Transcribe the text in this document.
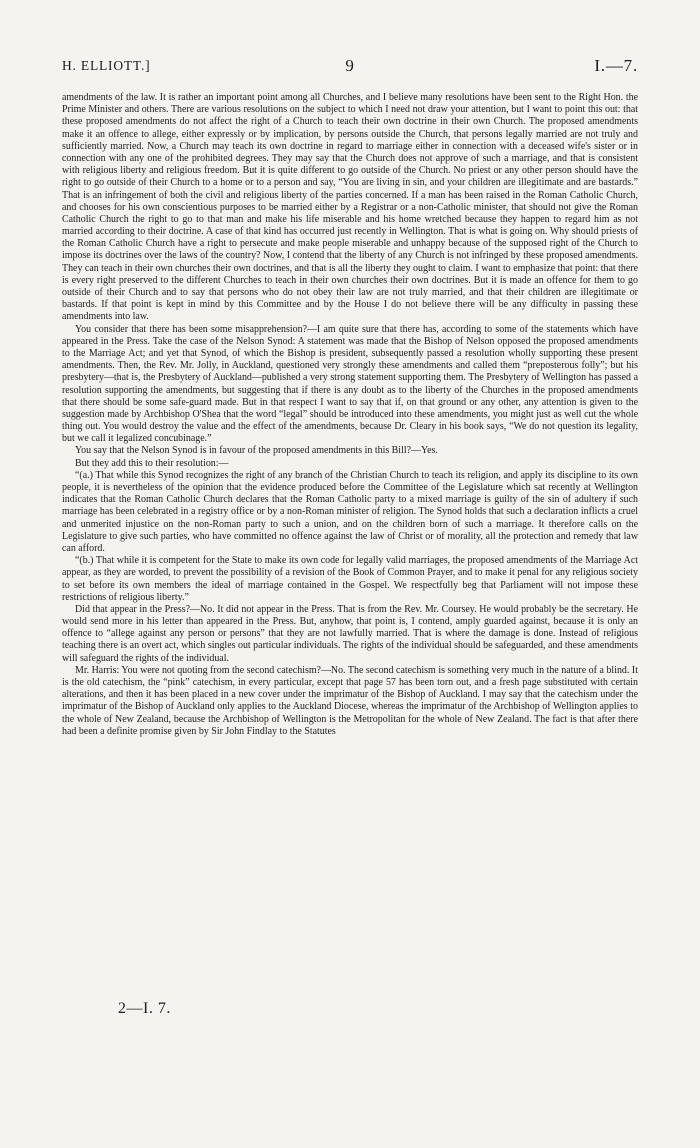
H. ELLIOTT.]	9	I.—7.

amendments of the law. It is rather an important point among all Churches, and I believe many resolutions have been sent to the Right Hon. the Prime Minister and others. There are various resolutions on the subject to which I need not draw your attention, but I want to point this out: that these proposed amendments do not affect the right of a Church to teach their own doctrine in their own Church. The proposed amendments make it an offence to allege, either expressly or by implication, by persons outside the Church, that persons legally married are not truly and sufficiently married. Now, a Church may teach its own doctrine in regard to marriage either in connection with a deceased wife's sister or in connection with any one of the prohibited degrees. They may say that the Church does not approve of such a marriage, and that is consistent with religious liberty and religious freedom. But it is quite different to go outside of the Church. No priest or any other person should have the right to go outside of their Church to a home or to a person and say, “You are living in sin, and your children are illegitimate and are bastards.” That is an infringement of both the civil and religious liberty of the parties concerned. If a man has been raised in the Roman Catholic Church, and chooses for his own conscientious purposes to be married either by a Registrar or a non-Catholic minister, that should not give the Roman Catholic Church the right to go to that man and make his life miserable and his home wretched because they happen to regard him as not married according to their doctrine. A case of that kind has occurred just recently in Wellington. That is what is going on. Why should priests of the Roman Catholic Church have a right to persecute and make people miserable and unhappy because of the supposed right of the Church to impose its doctrines over the laws of the country? Now, I contend that the liberty of any Church is not infringed by these proposed amendments. They can teach in their own churches their own doctrines, and that is all the liberty they ought to claim. I want to emphasize that point: that there is every right preserved to the different Churches to teach in their own churches their own doctrines. But it is made an offence for them to go outside of their Church and to say that persons who do not obey their law are not truly married, and that their children are illegitimate or bastards. If that point is kept in mind by this Committee and by the House I do not believe there will be any difficulty in passing these amendments into law.

You consider that there has been some misapprehension?—I am quite sure that there has, according to some of the statements which have appeared in the Press. Take the case of the Nelson Synod: A statement was made that the Bishop of Nelson opposed the proposed amendments to the Marriage Act; and yet that Synod, of which the Bishop is president, subsequently passed a resolution wholly supporting these present amendments. Then, the Rev. Mr. Jolly, in Auckland, questioned very strongly these amendments and called them “preposterous folly”; but his presbytery—that is, the Presbytery of Auckland—published a very strong statement supporting them. The Presbytery of Wellington has passed a resolution supporting the amendments, but suggesting that if there is any doubt as to the liberty of the Churches in the proposed amendments that there should be some safe-guard made. But in that respect I want to say that if, on that ground or any other, any attention is given to the suggestion made by Archbishop O'Shea that the word “legal” should be introduced into these amendments, you might just as well cut the whole thing out. You would destroy the value and the effect of the amendments, because Dr. Cleary in his book says, “We do not question its legality, but we call it legalized concubinage.”

You say that the Nelson Synod is in favour of the proposed amendments in this Bill?—Yes.

But they add this to their resolution:—

“(a.) That while this Synod recognizes the right of any branch of the Christian Church to teach its religion, and apply its discipline to its own people, it is nevertheless of the opinion that the evidence produced before the Committee of the Legislature which sat recently at Wellington indicates that the Roman Catholic Church declares that the Roman Catholic party to a mixed marriage is guilty of the sin of adultery if such marriage has been celebrated in a registry office or by a non-Roman minister of religion. The Synod holds that such a declaration inflicts a cruel and unmerited injustice on the non-Roman party to such a union, and on the children born of such a marriage. It therefore calls on the Legislature to give such parties, who have committed no offence against the law of Christ or of morality, all the protection and remedy that law can afford.

“(b.) That while it is competent for the State to make its own code for legally valid marriages, the proposed amendments of the Marriage Act appear, as they are worded, to prevent the possibility of a revision of the Book of Common Prayer, and to make it penal for any religious society to set before its own members the ideal of marriage contained in the Gospel. We respectfully beg that Parliament will not impose these restrictions of religious liberty.”

Did that appear in the Press?—No. It did not appear in the Press. That is from the Rev. Mr. Coursey. He would probably be the secretary. He would send more in his letter than appeared in the Press. But, anyhow, that point is, I contend, amply guarded against, because it is only an offence to “allege against any person or persons” that they are not lawfully married. That is where the damage is done. Instead of religious teaching there is an overt act, which singles out particular individuals. The rights of the individual should be safeguarded, and these amendments will safeguard the rights of the individual.

Mr. Harris: You were not quoting from the second catechism?—No. The second catechism is something very much in the nature of a blind. It is the old catechism, the “pink” catechism, in every particular, except that page 57 has been torn out, and a fresh page substituted with certain alterations, and then it has been placed in a new cover under the imprimatur of the Bishop of Auckland. I may say that the catechism under the imprimatur of the Bishop of Auckland only applies to the Auckland Diocese, whereas the imprimatur of the Archbishop of Wellington applies to the whole of New Zealand, because the Archbishop of Wellington is the Metropolitan for the whole of New Zealand. The fact is that after there had been a definite promise given by Sir John Findlay to the Statutes

2—I. 7.
